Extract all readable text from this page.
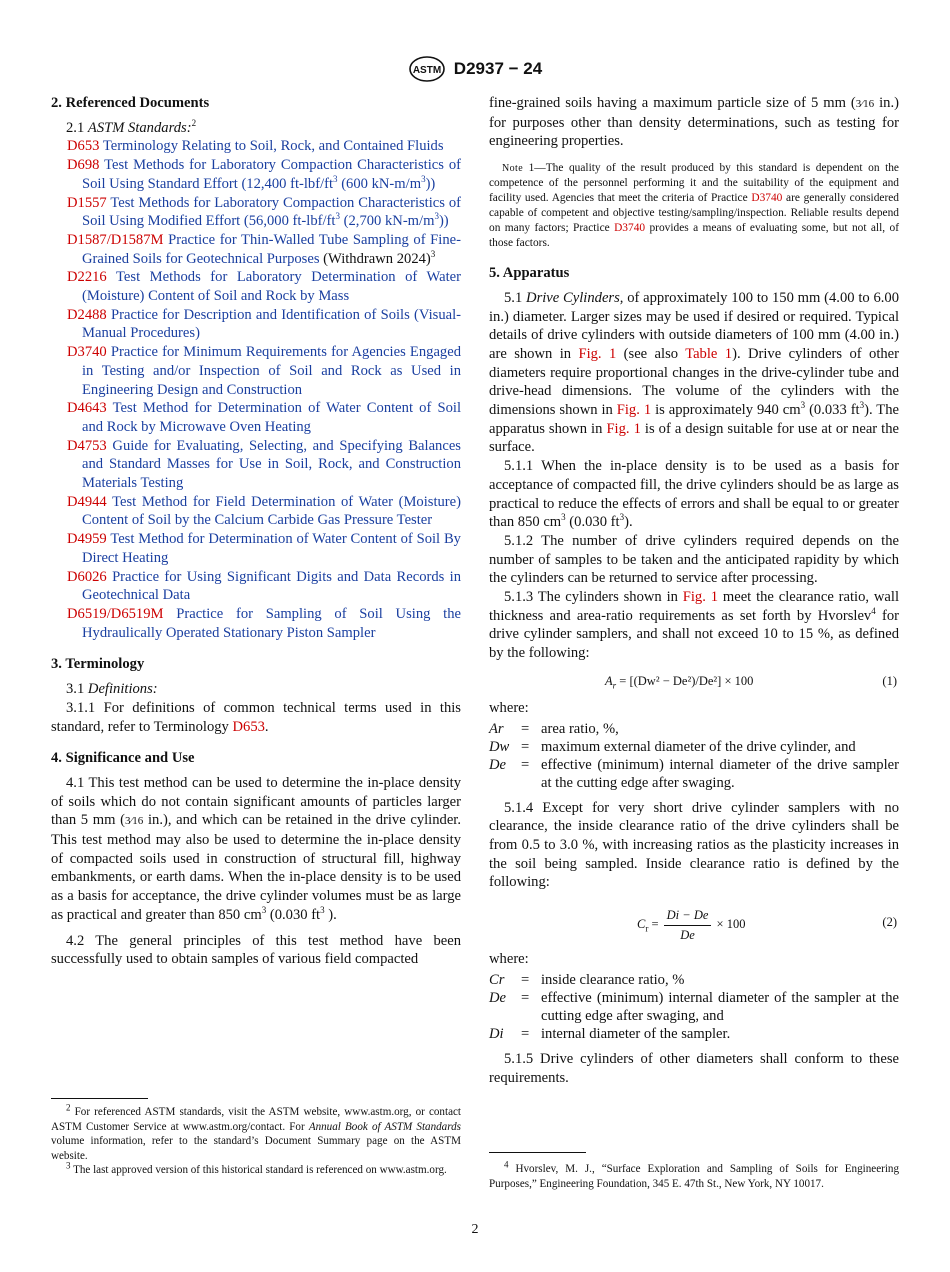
ASTM D2937 − 24
2. Referenced Documents

2.1 ASTM Standards:$^2$

D653 Terminology Relating to Soil, Rock, and Contained Fluids

D698 Test Methods for Laboratory Compaction Characteristics of Soil Using Standard Effort (12,400 $ft-lbf/ft^3$ (600 $kN-m/m^3$))

D1557 Test Methods for Laboratory Compaction Characteristics of Soil Using Modified Effort (56,000 $ft-lbf/ft^3$ (2,700 $kN-m/m^3$))

D1587/D1587M Practice for Thin-Walled Tube Sampling of Fine-Grained Soils for Geotechnical Purposes (Withdrawn 2024)$^3$

D2216 Test Methods for Laboratory Determination of Water (Moisture) Content of Soil and Rock by Mass

D2488 Practice for Description and Identification of Soils (Visual-Manual Procedures)

D3740 Practice for Minimum Requirements for Agencies Engaged in Testing and/or Inspection of Soil and Rock as Used in Engineering Design and Construction

D4643 Test Method for Determination of Water Content of Soil and Rock by Microwave Oven Heating

D4753 Guide for Evaluating, Selecting, and Specifying Balances and Standard Masses for Use in Soil, Rock, and Construction Materials Testing

D4944 Test Method for Field Determination of Water (Moisture) Content of Soil by the Calcium Carbide Gas Pressure Tester

D4959 Test Method for Determination of Water Content of Soil By Direct Heating

D6026 Practice for Using Significant Digits and Data Records in Geotechnical Data

D6519/D6519M Practice for Sampling of Soil Using the Hydraulically Operated Stationary Piston Sampler

3. Terminology

3.1 Definitions:

3.1.1 For definitions of common technical terms used in this standard, refer to Terminology D653.

4. Significance and Use

4.1 This test method can be used to determine the in-place density of soils which do not contain significant amounts of particles larger than 5 mm (3⁄16 in.), and which can be retained in the drive cylinder. This test method may also be used to determine the in-place density of compacted soils used in construction of structural fill, highway embankments, or earth dams. When the in-place density is to be used as a basis for acceptance, the drive cylinder volumes must be as large as practical and greater than 850 $cm^3$ (0.030 $ft^3$ ).

4.2 The general principles of this test method have been successfully used to obtain samples of various field compacted

$^2$ For referenced ASTM standards, visit the ASTM website, www.astm.org, or contact ASTM Customer Service at www.astm.org/contact. For Annual Book of ASTM Standards volume information, refer to the standard’s Document Summary page on the ASTM website.

$^3$ The last approved version of this historical standard is referenced on www.astm.org.

fine-grained soils having a maximum particle size of 5 mm (3⁄16 in.) for purposes other than density determinations, such as testing for engineering properties.

Note 1—The quality of the result produced by this standard is dependent on the competence of the personnel performing it and the suitability of the equipment and facility used. Agencies that meet the criteria of Practice D3740 are generally considered capable of competent and objective testing/sampling/inspection. Reliable results depend on many factors; Practice D3740 provides a means of evaluating some, but not all, of those factors.

5. Apparatus

5.1 Drive Cylinders, of approximately 100 to 150 mm (4.00 to 6.00 in.) diameter. Larger sizes may be used if desired or required. Typical details of drive cylinders with outside diameters of 100 mm (4.00 in.) are shown in Fig. 1 (see also Table 1). Drive cylinders of other diameters require proportional changes in the drive-cylinder tube and drive-head dimensions. The volume of the cylinders with the dimensions shown in Fig. 1 is approximately 940 $cm^3$ (0.033 $ft^3$). The apparatus shown in Fig. 1 is of a design suitable for use at or near the surface.

5.1.1 When the in-place density is to be used as a basis for acceptance of compacted fill, the drive cylinders should be as large as practical to reduce the effects of errors and shall be equal to or greater than 850 $cm^3$ (0.030 $ft^3$).

5.1.2 The number of drive cylinders required depends on the number of samples to be taken and the anticipated rapidity by which the cylinders can be returned to service after processing.

5.1.3 The cylinders shown in Fig. 1 meet the clearance ratio, wall thickness and area-ratio requirements as set forth by Hvorslev$^4$ for drive cylinder samplers, and shall not exceed 10 to 15 %, as defined by the following:

$A_r = [(Dw^2 - De^2)/De^2] \times 100$	(1)

where:

Ar	= area ratio, %,
Dw = maximum external diameter of the drive cylinder, and
De	= effective (minimum) internal diameter of the drive sampler at the cutting edge after swaging.

5.1.4 Except for very short drive cylinder samplers with no clearance, the inside clearance ratio of the drive cylinders shall be from 0.5 to 3.0 %, with increasing ratios as the plasticity increases in the soil being sampled. Inside clearance ratio is defined by the following:

$C_r = \frac{Di - De}{De} \times 100$	(2)

where:

Cr	= inside clearance ratio, %
De	= effective (minimum) internal diameter of the sampler at the cutting edge after swaging, and
Di	= internal diameter of the sampler.

5.1.5 Drive cylinders of other diameters shall conform to these requirements.

$^4$ Hvorslev, M. J., “Surface Exploration and Sampling of Soils for Engineering Purposes,” Engineering Foundation, 345 E. 47th St., New York, NY 10017.

2
